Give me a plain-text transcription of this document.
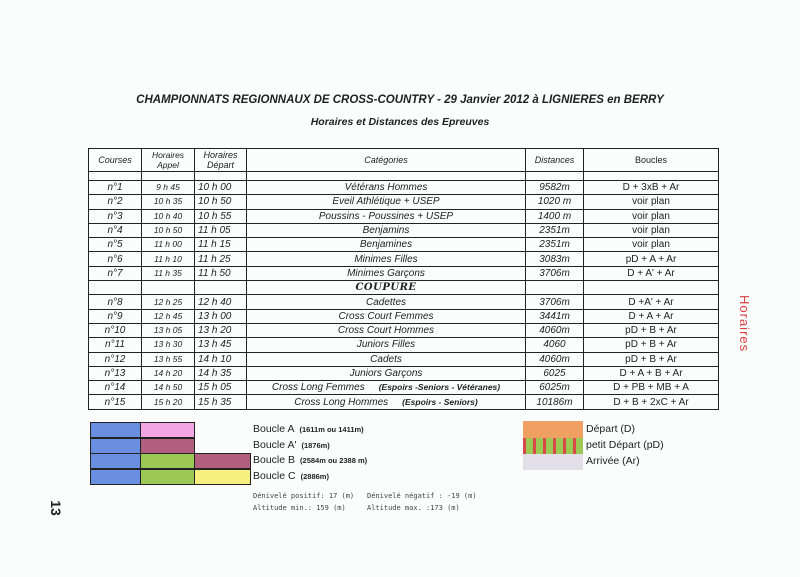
Horaires
13
CHAMPIONNATS REGIONNAUX DE CROSS-COUNTRY - 29 Janvier 2012 à LIGNIERES en BERRY
Horaires et Distances des Epreuves
Courses	Horaires Appel	Horaires Départ	Catégories	Distances	Boucles

n°1	9 h 45	10 h 00	Vétérans Hommes	9582m	D + 3xB + Ar
n°2	10 h 35	10 h 50	Eveil Athlétique + USEP	1020 m	voir plan
n°3	10 h 40	10 h 55	Poussins - Poussines + USEP	1400 m	voir plan
n°4	10 h 50	11 h 05	Benjamins	2351m	voir plan
n°5	11 h 00	11 h 15	Benjamines	2351m	voir plan
n°6	11 h 10	11 h 25	Minimes Filles	3083m	pD + A + Ar
n°7	11 h 35	11 h 50	Minimes Garçons	3706m	D + A' + Ar
			COUPURE		
n°8	12 h 25	12 h 40	Cadettes	3706m	D +A' + Ar
n°9	12 h 45	13 h 00	Cross Court Femmes	3441m	D + A + Ar
n°10	13 h 05	13 h 20	Cross Court Hommes	4060m	pD + B + Ar
n°11	13 h 30	13 h 45	Juniors Filles	4060	pD + B + Ar
n°12	13 h 55	14 h 10	Cadets	4060m	pD + B + Ar
n°13	14 h 20	14 h 35	Juniors Garçons	6025	D + A + B + Ar
n°14	14 h 50	15 h 05	Cross Long Femmes (Espoirs -Seniors - Vétéranes)	6025m	D + PB + MB + A
n°15	15 h 20	15 h 35	Cross Long Hommes (Espoirs - Seniors)	10186m	D + B + 2xC + Ar
Boucle A (1611m ou 1411m)
Boucle A' (1876m)
Boucle B (2584m ou 2388 m)
Boucle C (2886m)
Départ (D)
petit Départ (pD)
Arrivée (Ar)
Dénivelé positif: 17 (m) Dénivelé négatif : -19 (m)
Altitude min.: 159 (m)	Altitude max. :173 (m)
